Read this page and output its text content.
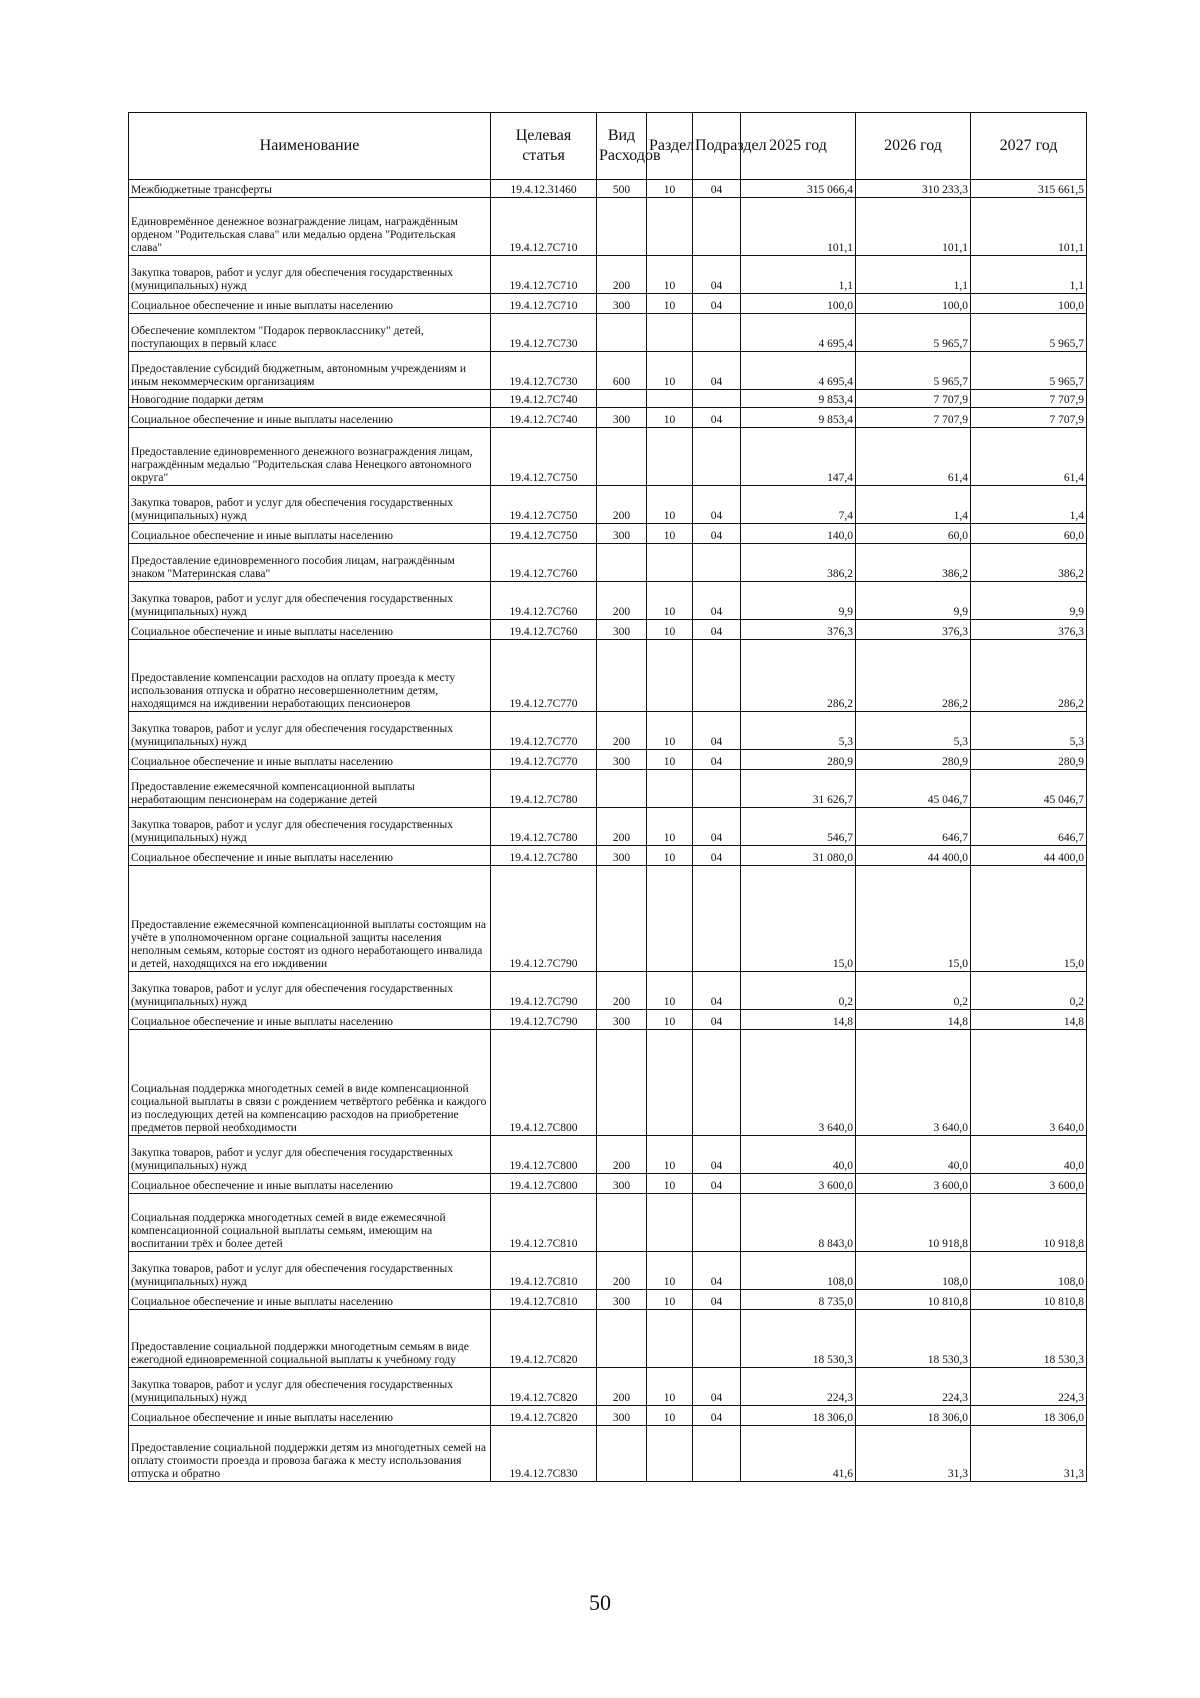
Наименование	Целевая статья	Вид Расходов	Раздел	Подраздел	2025 год	2026 год	2027 год
Межбюджетные трансферты	19.4.12.31460	500	10	04	315 066,4	310 233,3	315 661,5
Единовремённое денежное вознаграждение лицам, награждённым орденом "Родительская слава" или медалью ордена "Родительская слава"	19.4.12.7С710				101,1	101,1	101,1
Закупка товаров, работ и услуг для обеспечения государственных (муниципальных) нужд	19.4.12.7С710	200	10	04	1,1	1,1	1,1
Социальное обеспечение и иные выплаты населению	19.4.12.7С710	300	10	04	100,0	100,0	100,0
Обеспечение комплектом "Подарок первокласснику" детей, поступающих в первый класс	19.4.12.7С730				4 695,4	5 965,7	5 965,7
Предоставление субсидий бюджетным, автономным учреждениям и иным некоммерческим организациям	19.4.12.7С730	600	10	04	4 695,4	5 965,7	5 965,7
Новогодние подарки детям	19.4.12.7С740				9 853,4	7 707,9	7 707,9
Социальное обеспечение и иные выплаты населению	19.4.12.7С740	300	10	04	9 853,4	7 707,9	7 707,9
Предоставление единовременного денежного вознаграждения лицам, награждённым медалью "Родительская слава Ненецкого автономного округа"	19.4.12.7С750				147,4	61,4	61,4
Закупка товаров, работ и услуг для обеспечения государственных (муниципальных) нужд	19.4.12.7С750	200	10	04	7,4	1,4	1,4
Социальное обеспечение и иные выплаты населению	19.4.12.7С750	300	10	04	140,0	60,0	60,0
Предоставление единовременного пособия лицам, награждённым знаком "Материнская слава"	19.4.12.7С760				386,2	386,2	386,2
Закупка товаров, работ и услуг для обеспечения государственных (муниципальных) нужд	19.4.12.7С760	200	10	04	9,9	9,9	9,9
Социальное обеспечение и иные выплаты населению	19.4.12.7С760	300	10	04	376,3	376,3	376,3
Предоставление компенсации расходов на оплату проезда к месту использования отпуска и обратно несовершеннолетним детям, находящимся на иждивении неработающих пенсионеров	19.4.12.7С770				286,2	286,2	286,2
Закупка товаров, работ и услуг для обеспечения государственных (муниципальных) нужд	19.4.12.7С770	200	10	04	5,3	5,3	5,3
Социальное обеспечение и иные выплаты населению	19.4.12.7С770	300	10	04	280,9	280,9	280,9
Предоставление ежемесячной компенсационной выплаты неработающим пенсионерам на содержание детей	19.4.12.7С780				31 626,7	45 046,7	45 046,7
Закупка товаров, работ и услуг для обеспечения государственных (муниципальных) нужд	19.4.12.7С780	200	10	04	546,7	646,7	646,7
Социальное обеспечение и иные выплаты населению	19.4.12.7С780	300	10	04	31 080,0	44 400,0	44 400,0
Предоставление ежемесячной компенсационной выплаты состоящим на учёте в уполномоченном органе социальной защиты населения неполным семьям, которые состоят из одного неработающего инвалида и детей, находящихся на его иждивении	19.4.12.7С790				15,0	15,0	15,0
Закупка товаров, работ и услуг для обеспечения государственных (муниципальных) нужд	19.4.12.7С790	200	10	04	0,2	0,2	0,2
Социальное обеспечение и иные выплаты населению	19.4.12.7С790	300	10	04	14,8	14,8	14,8
Социальная поддержка многодетных семей в виде компенсационной социальной выплаты в связи с рождением четвёртого ребёнка и каждого из последующих детей на компенсацию расходов на приобретение предметов первой необходимости	19.4.12.7С800				3 640,0	3 640,0	3 640,0
Закупка товаров, работ и услуг для обеспечения государственных (муниципальных) нужд	19.4.12.7С800	200	10	04	40,0	40,0	40,0
Социальное обеспечение и иные выплаты населению	19.4.12.7С800	300	10	04	3 600,0	3 600,0	3 600,0
Социальная поддержка многодетных семей в виде ежемесячной компенсационной социальной выплаты семьям, имеющим на воспитании трёх и более детей	19.4.12.7С810				8 843,0	10 918,8	10 918,8
Закупка товаров, работ и услуг для обеспечения государственных (муниципальных) нужд	19.4.12.7С810	200	10	04	108,0	108,0	108,0
Социальное обеспечение и иные выплаты населению	19.4.12.7С810	300	10	04	8 735,0	10 810,8	10 810,8
Предоставление социальной поддержки многодетным семьям в виде ежегодной единовременной социальной выплаты к учебному году	19.4.12.7С820				18 530,3	18 530,3	18 530,3
Закупка товаров, работ и услуг для обеспечения государственных (муниципальных) нужд	19.4.12.7С820	200	10	04	224,3	224,3	224,3
Социальное обеспечение и иные выплаты населению	19.4.12.7С820	300	10	04	18 306,0	18 306,0	18 306,0
Предоставление социальной поддержки детям из многодетных семей на оплату стоимости проезда и провоза багажа к месту использования отпуска и обратно	19.4.12.7С830				41,6	31,3	31,3
50
